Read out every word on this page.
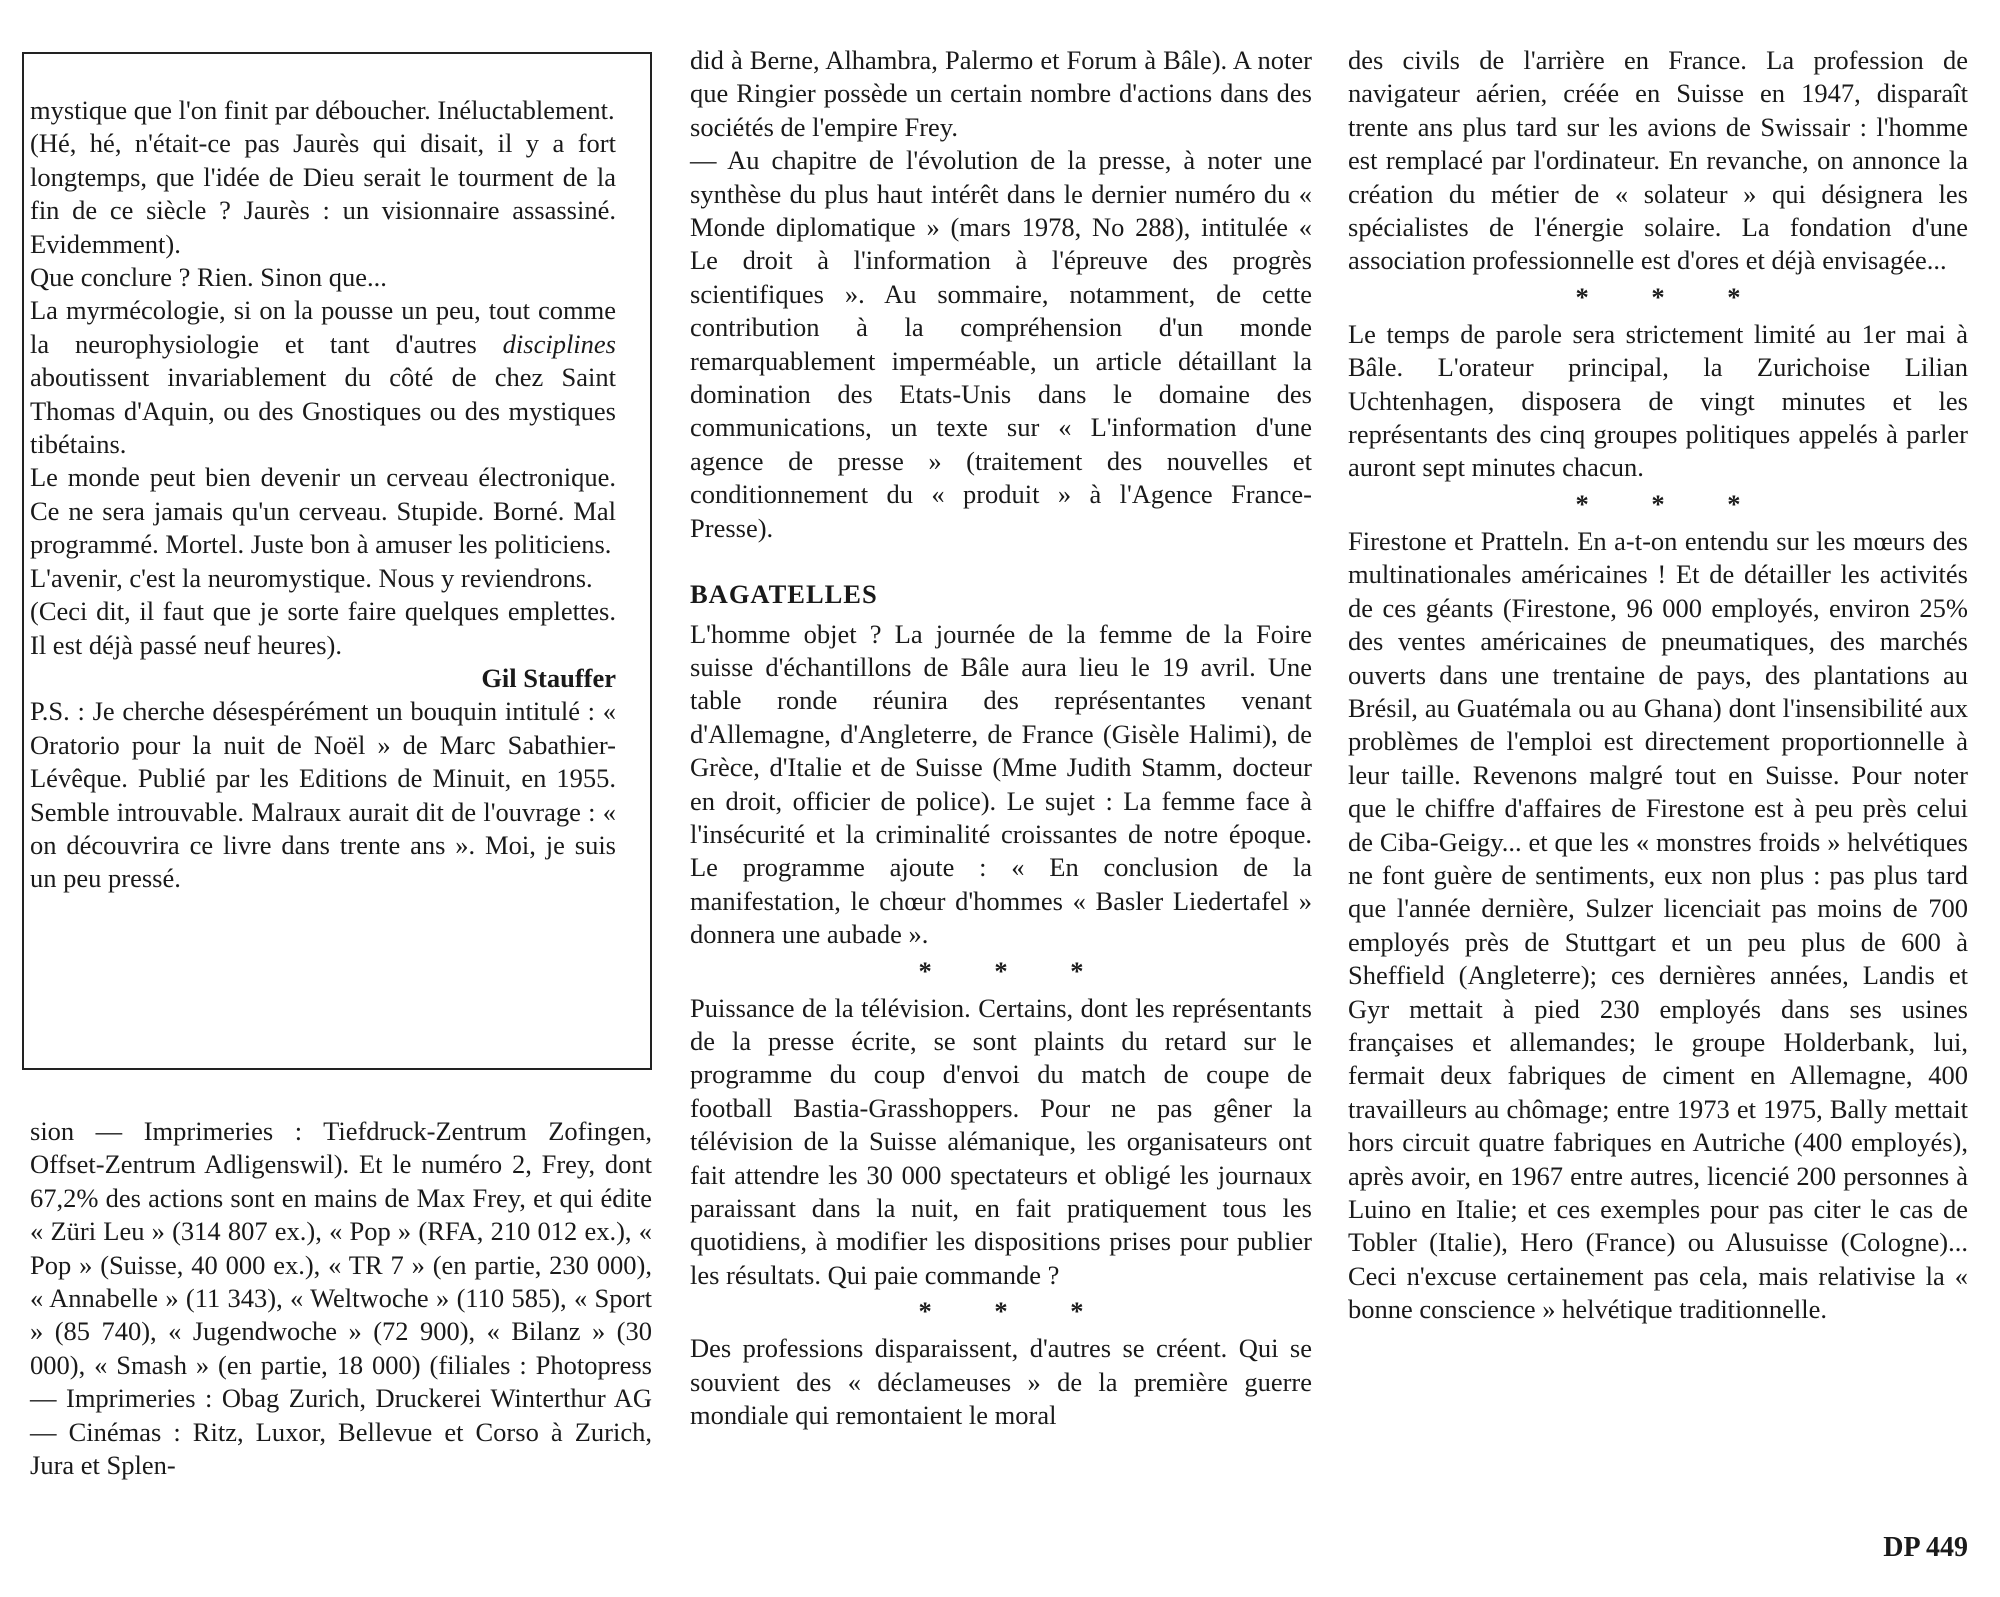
mystique que l'on finit par déboucher. Inéluctablement.

(Hé, hé, n'était-ce pas Jaurès qui disait, il y a fort longtemps, que l'idée de Dieu serait le tourment de la fin de ce siècle ? Jaurès : un visionnaire assassiné. Evidemment).

Que conclure ? Rien. Sinon que...

La myrmécologie, si on la pousse un peu, tout comme la neurophysiologie et tant d'autres disciplines aboutissent invariablement du côté de chez Saint Thomas d'Aquin, ou des Gnostiques ou des mystiques tibétains.

Le monde peut bien devenir un cerveau électronique. Ce ne sera jamais qu'un cerveau. Stupide. Borné. Mal programmé. Mortel. Juste bon à amuser les politiciens.

L'avenir, c'est la neuromystique. Nous y reviendrons.

(Ceci dit, il faut que je sorte faire quelques emplettes. Il est déjà passé neuf heures).

Gil Stauffer

P.S. : Je cherche désespérément un bouquin intitulé : « Oratorio pour la nuit de Noël » de Marc Sabathier-Lévêque. Publié par les Editions de Minuit, en 1955. Semble introuvable. Malraux aurait dit de l'ouvrage : « on découvrira ce livre dans trente ans ». Moi, je suis un peu pressé.

sion — Imprimeries : Tiefdruck-Zentrum Zofingen, Offset-Zentrum Adligenswil). Et le numéro 2, Frey, dont 67,2% des actions sont en mains de Max Frey, et qui édite « Züri Leu » (314 807 ex.), « Pop » (RFA, 210 012 ex.), « Pop » (Suisse, 40 000 ex.), « TR 7 » (en partie, 230 000), « Annabelle » (11 343), « Weltwoche » (110 585), « Sport » (85 740), « Jugendwoche » (72 900), « Bilanz » (30 000), « Smash » (en partie, 18 000) (filiales : Photopress — Imprimeries : Obag Zurich, Druckerei Winterthur AG — Cinémas : Ritz, Luxor, Bellevue et Corso à Zurich, Jura et Splen-

did à Berne, Alhambra, Palermo et Forum à Bâle). A noter que Ringier possède un certain nombre d'actions dans des sociétés de l'empire Frey.

— Au chapitre de l'évolution de la presse, à noter une synthèse du plus haut intérêt dans le dernier numéro du « Monde diplomatique » (mars 1978, No 288), intitulée « Le droit à l'information à l'épreuve des progrès scientifiques ». Au sommaire, notamment, de cette contribution à la compréhension d'un monde remarquablement imperméable, un article détaillant la domination des Etats-Unis dans le domaine des communications, un texte sur « L'information d'une agence de presse » (traitement des nouvelles et conditionnement du « produit » à l'Agence France-Presse).

BAGATELLES

L'homme objet ? La journée de la femme de la Foire suisse d'échantillons de Bâle aura lieu le 19 avril. Une table ronde réunira des représentantes venant d'Allemagne, d'Angleterre, de France (Gisèle Halimi), de Grèce, d'Italie et de Suisse (Mme Judith Stamm, docteur en droit, officier de police). Le sujet : La femme face à l'insécurité et la criminalité croissantes de notre époque. Le programme ajoute : « En conclusion de la manifestation, le chœur d'hommes « Basler Liedertafel » donnera une aubade ».

* * *

Puissance de la télévision. Certains, dont les représentants de la presse écrite, se sont plaints du retard sur le programme du coup d'envoi du match de coupe de football Bastia-Grasshoppers. Pour ne pas gêner la télévision de la Suisse alémanique, les organisateurs ont fait attendre les 30 000 spectateurs et obligé les journaux paraissant dans la nuit, en fait pratiquement tous les quotidiens, à modifier les dispositions prises pour publier les résultats. Qui paie commande ?

* * *

Des professions disparaissent, d'autres se créent. Qui se souvient des « déclameuses » de la première guerre mondiale qui remontaient le moral

des civils de l'arrière en France. La profession de navigateur aérien, créée en Suisse en 1947, disparaît trente ans plus tard sur les avions de Swissair : l'homme est remplacé par l'ordinateur. En revanche, on annonce la création du métier de « solateur » qui désignera les spécialistes de l'énergie solaire. La fondation d'une association professionnelle est d'ores et déjà envisagée...

* * *

Le temps de parole sera strictement limité au 1er mai à Bâle. L'orateur principal, la Zurichoise Lilian Uchtenhagen, disposera de vingt minutes et les représentants des cinq groupes politiques appelés à parler auront sept minutes chacun.

* * *

Firestone et Pratteln. En a-t-on entendu sur les mœurs des multinationales américaines ! Et de détailler les activités de ces géants (Firestone, 96 000 employés, environ 25% des ventes américaines de pneumatiques, des marchés ouverts dans une trentaine de pays, des plantations au Brésil, au Guatémala ou au Ghana) dont l'insensibilité aux problèmes de l'emploi est directement proportionnelle à leur taille. Revenons malgré tout en Suisse. Pour noter que le chiffre d'affaires de Firestone est à peu près celui de Ciba-Geigy... et que les « monstres froids » helvétiques ne font guère de sentiments, eux non plus : pas plus tard que l'année dernière, Sulzer licenciait pas moins de 700 employés près de Stuttgart et un peu plus de 600 à Sheffield (Angleterre); ces dernières années, Landis et Gyr mettait à pied 230 employés dans ses usines françaises et allemandes; le groupe Holderbank, lui, fermait deux fabriques de ciment en Allemagne, 400 travailleurs au chômage; entre 1973 et 1975, Bally mettait hors circuit quatre fabriques en Autriche (400 employés), après avoir, en 1967 entre autres, licencié 200 personnes à Luino en Italie; et ces exemples pour pas citer le cas de Tobler (Italie), Hero (France) ou Alusuisse (Cologne)... Ceci n'excuse certainement pas cela, mais relativise la « bonne conscience » helvétique traditionnelle.

DP 449
